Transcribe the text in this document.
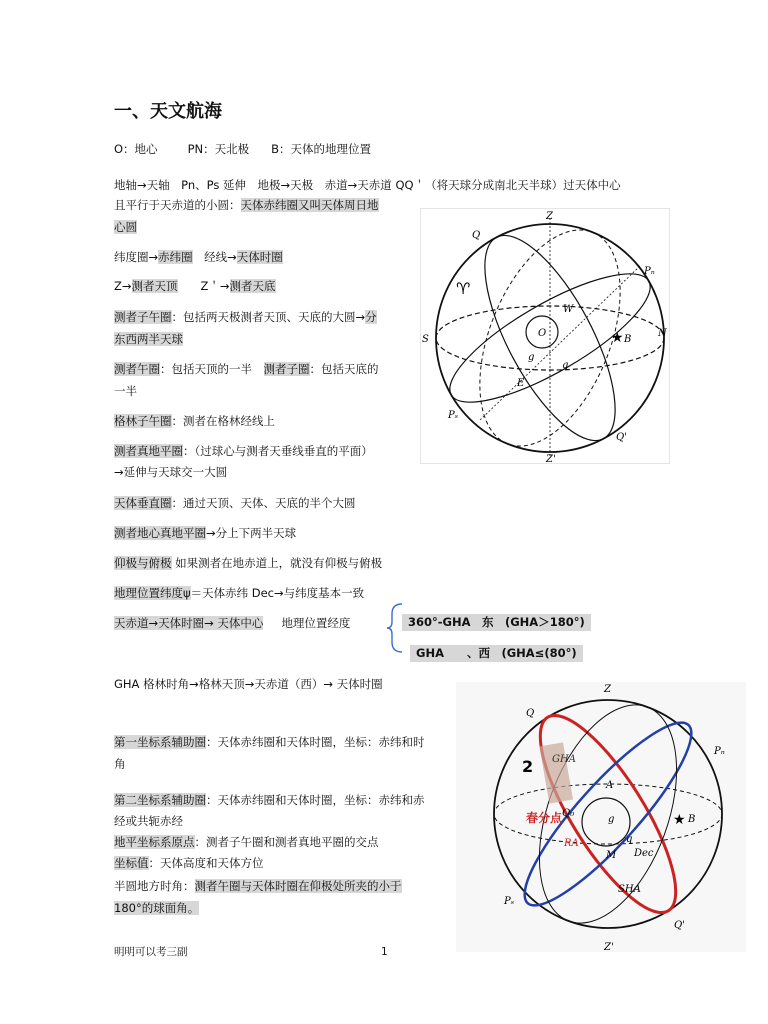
一、天文航海
O：地心	PN：天北极 B：天体的地理位置
地轴→天轴　Pn、Ps 延伸　地极→天极　赤道→天赤道 QQ＇（将天球分成南北天半球）过天体中心
且平行于天赤道的小圆：天体赤纬圈又叫天体周日地
心圆
纬度圈→赤纬圈　经线→天体时圈
Z→测者天顶　　Z＇→测者天底
测者子午圈：包括两天极测者天顶、天底的大圆→分
东西两半天球
测者午圈：包括天顶的一半　测者子圈：包括天底的
一半
格林子午圈：测者在格林经线上
测者真地平圈：（过球心与测者天垂线垂直的平面）
→延伸与天球交一大圆
天体垂直圈：通过天顶、天体、天底的半个大圆
测者地心真地平圈→分上下两半天球
仰极与俯极 如果测者在地赤道上，就没有仰极与俯极
地理位置纬度ψ＝天体赤纬 Dec→与纬度基本一致
天赤道→天体时圈→ 天体中心 地理位置经度	360°-GHA　东　(GHA＞180°)
GHA　　、西　(GHA≤(80°)
GHA 格林时角→格林天顶→天赤道（西）→ 天体时圈
第一坐标系辅助圈：天体赤纬圈和天体时圈，坐标：赤纬和时
角
第二坐标系辅助圈：天体赤纬圈和天体时圈，坐标：赤纬和赤
经或共轭赤经
地平坐标系原点：测者子午圈和测者真地平圈的交点
坐标值：天体高度和天体方位
半圆地方时角：测者午圈与天体时圈在仰极处所夹的小于
180°的球面角。
明明可以考三副	1
★
Z
Q
Pₙ
S
N
E
W
B
Pₛ
Q'
Z'
O
g
q
♈
★
Z
Q
Pₙ
Pₛ
B
Q'
Z'
A
M
RA
Dec
SHA
GHA
Q₀
g
q
春分点
2
